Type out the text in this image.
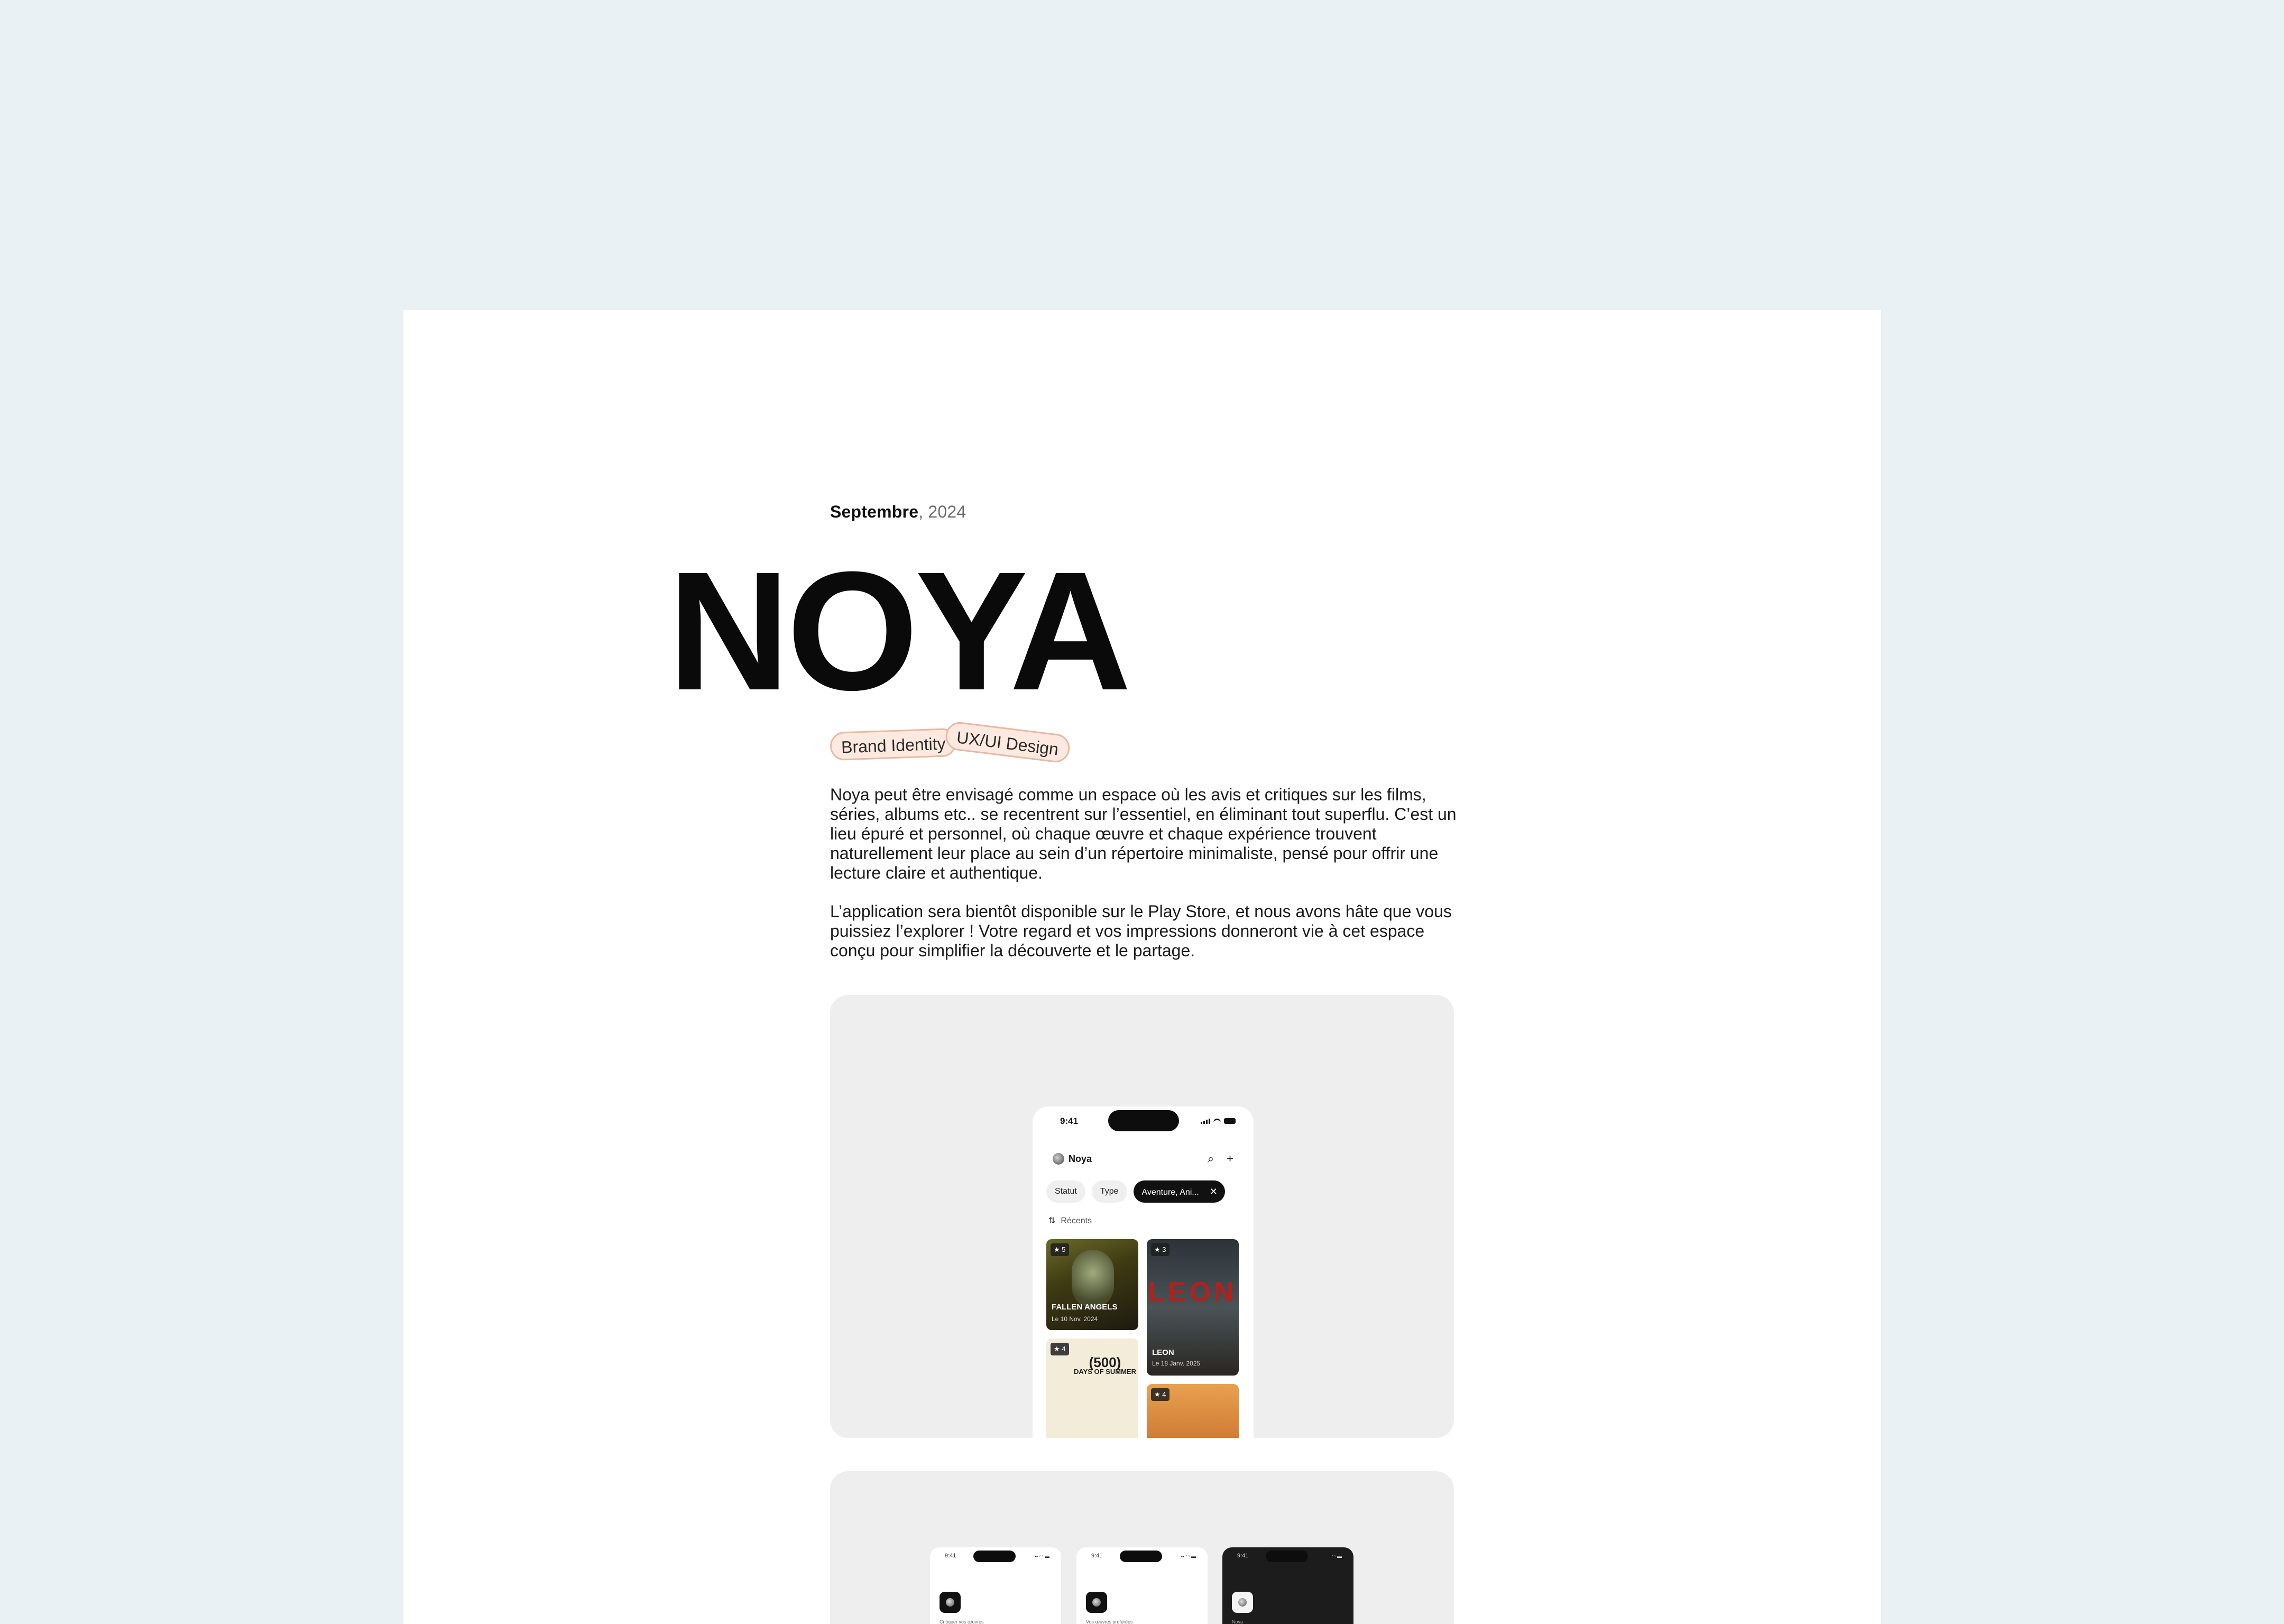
Septembre, 2024
NOYA
Brand Identity UX/UI Design

Noya peut être envisagé comme un espace où les avis et critiques sur les films, séries, albums etc.. se recentrent sur l’essentiel, en éliminant tout superflu. C’est un lieu épuré et personnel, où chaque œuvre et chaque expérience trouvent naturellement leur place au sein d’un répertoire minimaliste, pensé pour offrir une lecture claire et authentique.

L’application sera bientôt disponible sur le Play Store, et nous avons hâte que vous puissiez l’explorer ! Votre regard et vos impressions donneront vie à cet espace conçu pour simplifier la découverte et le partage.

9:41
Noya	⌕ +
Statut	Type	Aventure, Ani... ✕
⇅ Récents
★ 5
FALLEN ANGELS
Le 10 Nov. 2024
LEON
★ 3
LEON
Le 18 Janv. 2025
★ 4
(500)
DAYS OF SUMMER
★ 4
9:41	▪▪ ◠ ▬
Critiquer vos œuvres
9:41	▪▪ ◠ ▬
Vos œuvres préférées
9:41	◠ ▬
Noya
